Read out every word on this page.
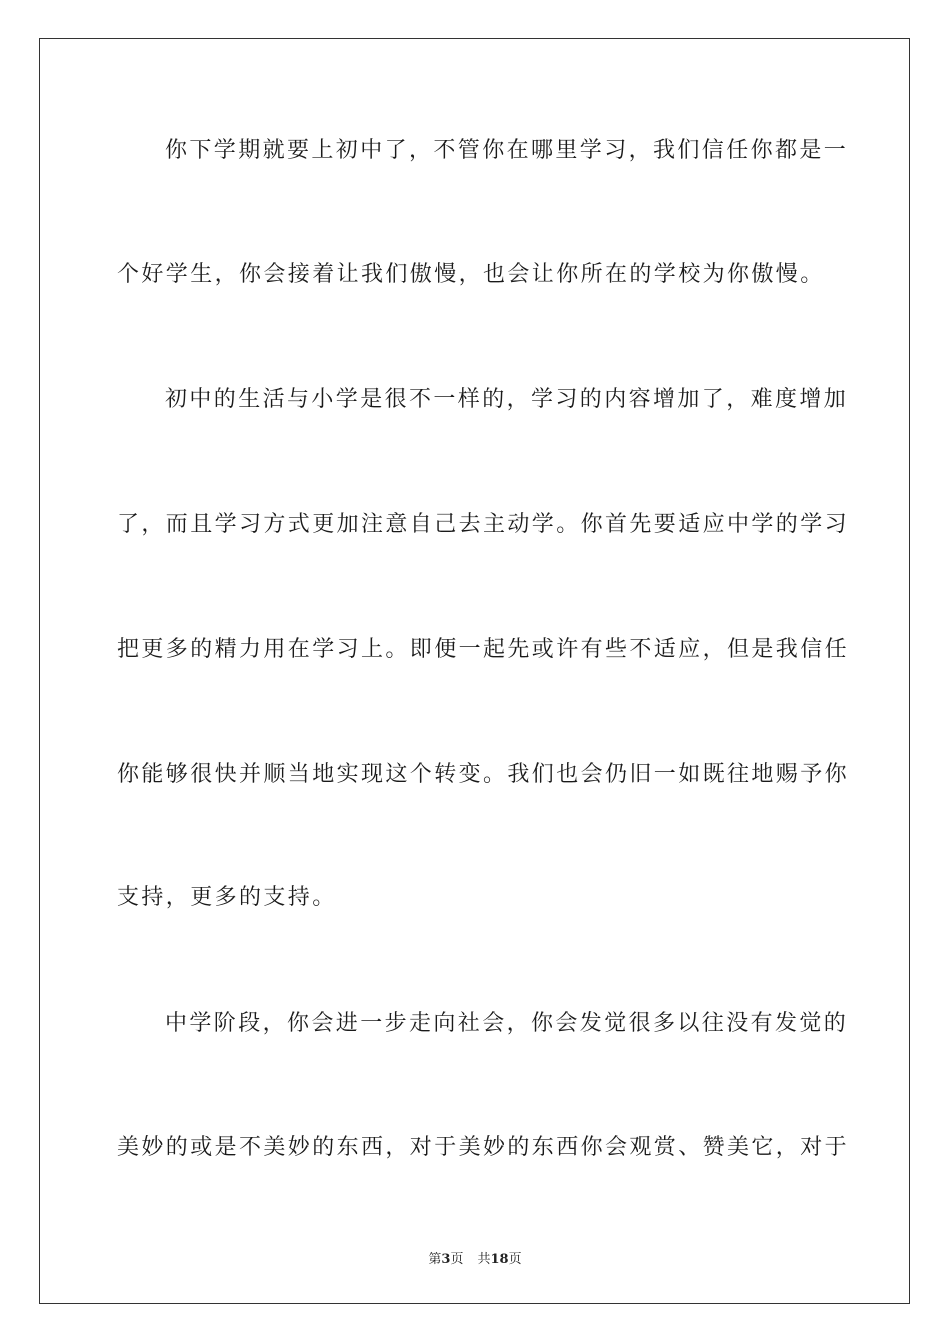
你下学期就要上初中了，不管你在哪里学习，我们信任你都是一
个好学生，你会接着让我们傲慢，也会让你所在的学校为你傲慢。
初中的生活与小学是很不一样的，学习的内容增加了，难度增加
了，而且学习方式更加注意自己去主动学。你首先要适应中学的学习
把更多的精力用在学习上。即便一起先或许有些不适应，但是我信任
你能够很快并顺当地实现这个转变。我们也会仍旧一如既往地赐予你
支持，更多的支持。
中学阶段，你会进一步走向社会，你会发觉很多以往没有发觉的
美妙的或是不美妙的东西，对于美妙的东西你会观赏、赞美它，对于
第3页 共18页
